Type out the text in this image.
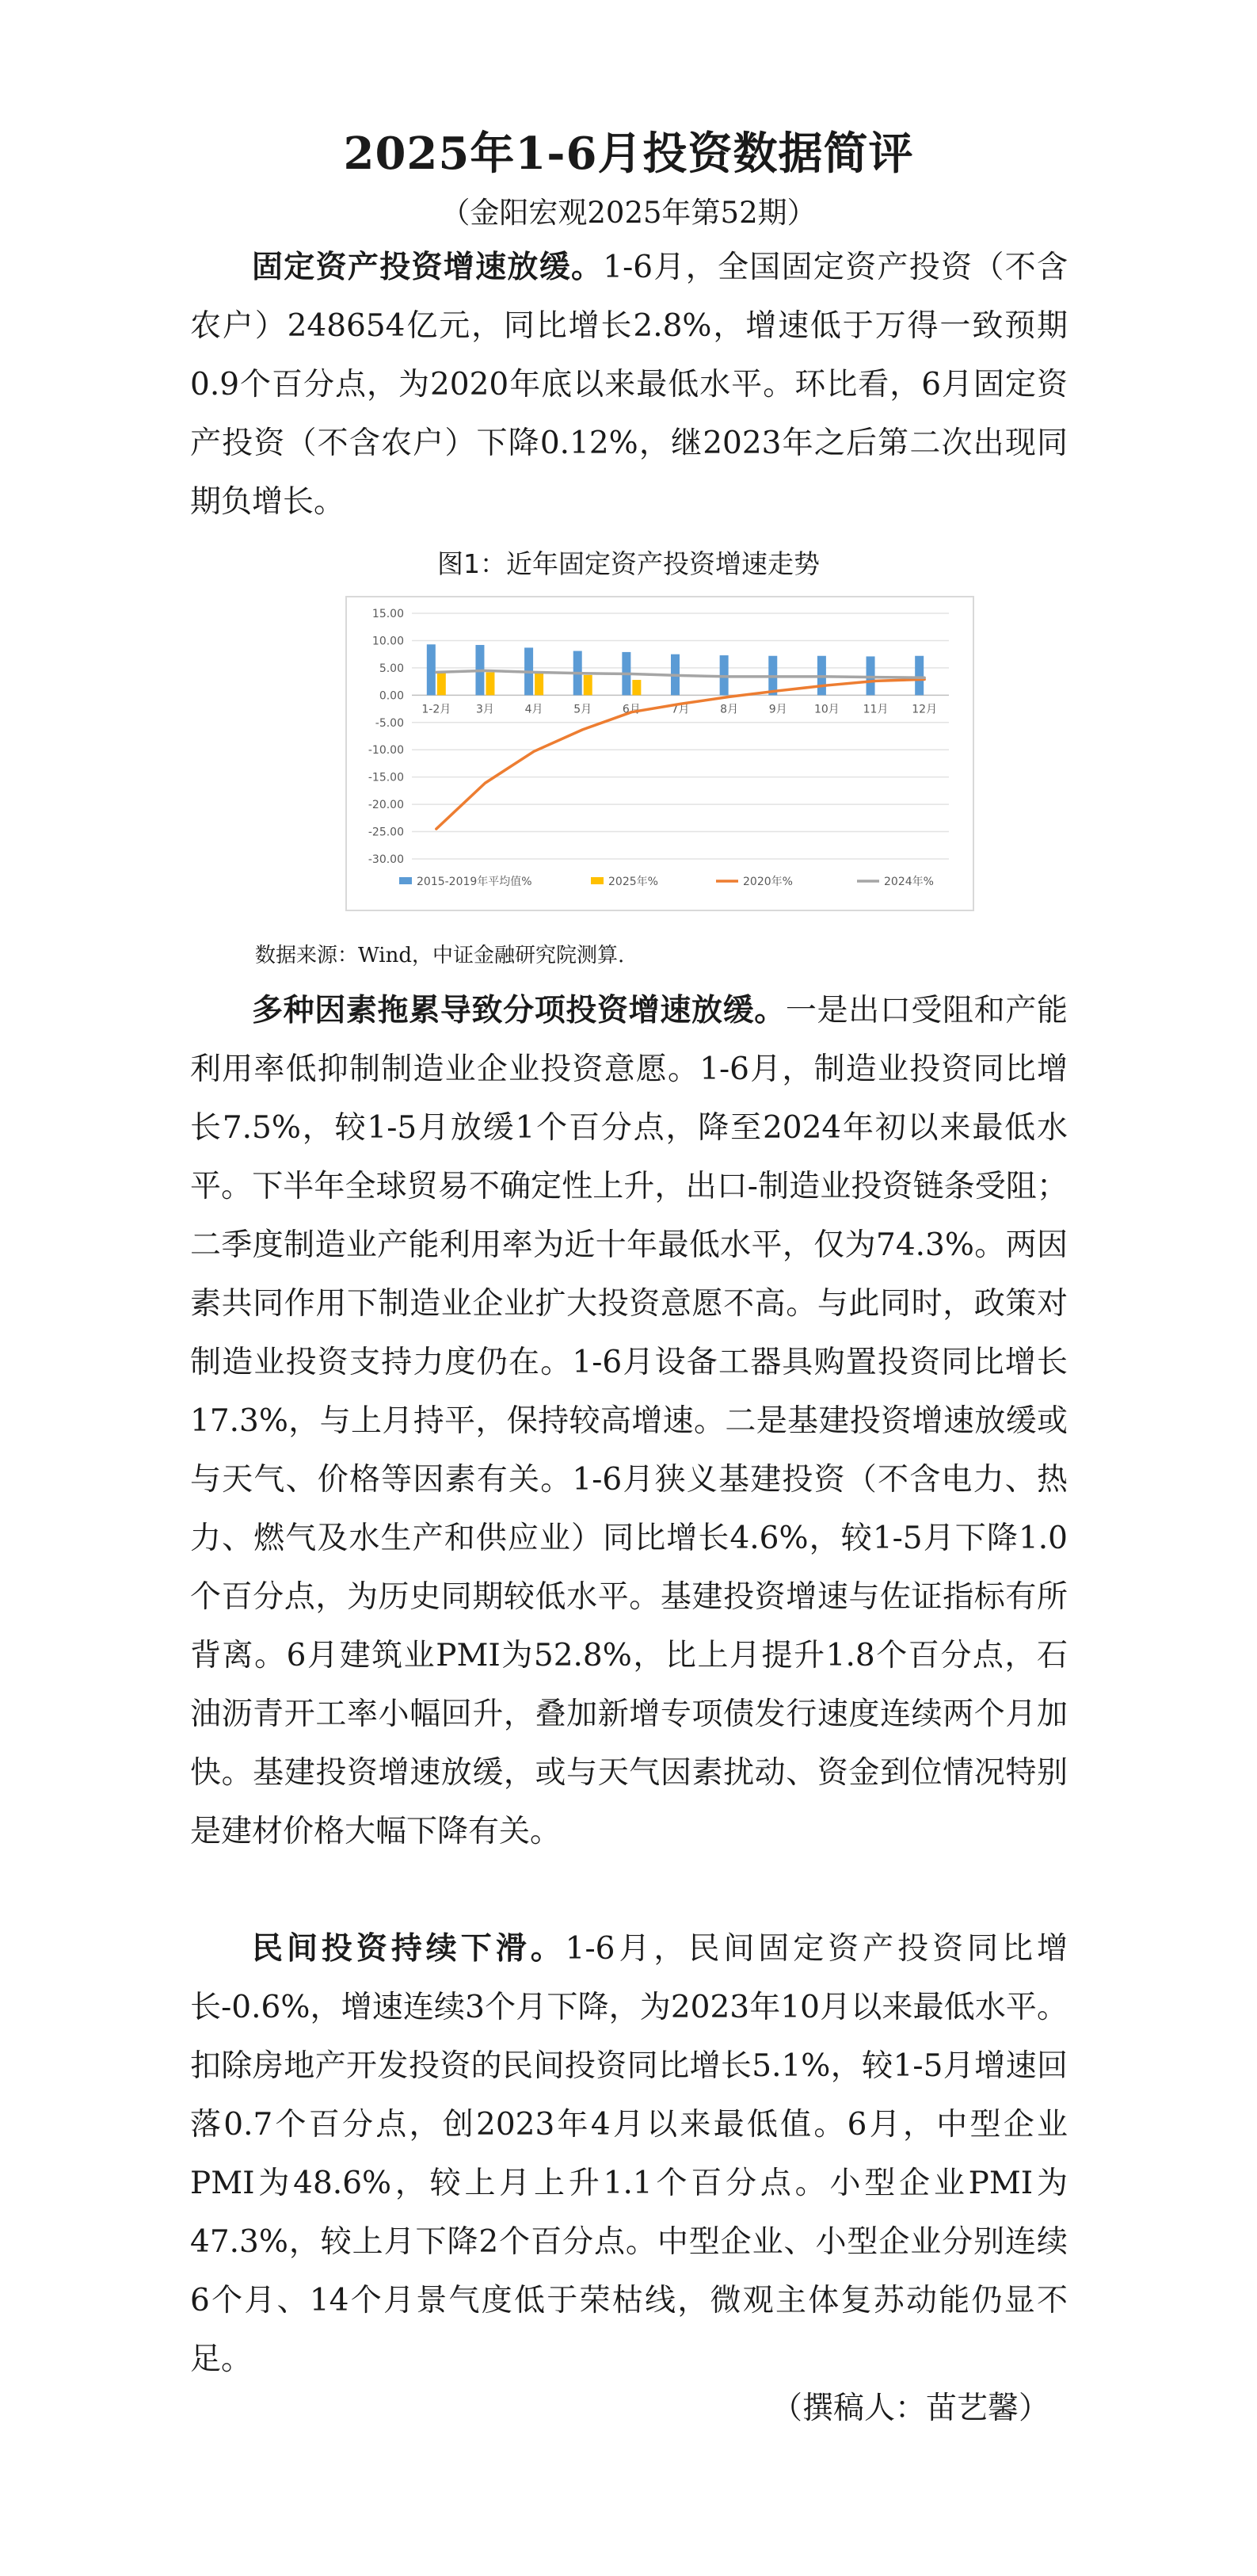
2025年1-6月投资数据简评
（金阳宏观2025年第52期）

固定资产投资增速放缓。1-6月，全国固定资产投资（不含农户）248654亿元，同比增长2.8%，增速低于万得一致预期0.9个百分点，为2020年底以来最低水平。环比看，6月固定资产投资（不含农户）下降0.12%，继2023年之后第二次出现同期负增长。

图1：近年固定资产投资增速走势
15.00
10.00
5.00
0.00
-5.00
-10.00
-15.00
-20.00
-25.00
-30.00
1-2月 3月	4月	5月	6月	7月	8月	9月 10月 11月 12月
2015-2019年平均值%	2025年%	2020年%	2024年%
数据来源：Wind，中证金融研究院测算.

多种因素拖累导致分项投资增速放缓。一是出口受阻和产能利用率低抑制制造业企业投资意愿。1-6月，制造业投资同比增长7.5%，较1-5月放缓1个百分点，降至2024年初以来最低水平。下半年全球贸易不确定性上升，出口-制造业投资链条受阻；二季度制造业产能利用率为近十年最低水平，仅为74.3%。两因素共同作用下制造业企业扩大投资意愿不高。与此同时，政策对制造业投资支持力度仍在。1-6月设备工器具购置投资同比增长17.3%，与上月持平，保持较高增速。二是基建投资增速放缓或与天气、价格等因素有关。1-6月狭义基建投资（不含电力、热力、燃气及水生产和供应业）同比增长4.6%，较1-5月下降1.0个百分点，为历史同期较低水平。基建投资增速与佐证指标有所背离。6月建筑业PMI为52.8%，比上月提升1.8个百分点，石油沥青开工率小幅回升，叠加新增专项债发行速度连续两个月加快。基建投资增速放缓，或与天气因素扰动、资金到位情况特别是建材价格大幅下降有关。

民间投资持续下滑。1-6月，民间固定资产投资同比增长-0.6%，增速连续3个月下降，为2023年10月以来最低水平。扣除房地产开发投资的民间投资同比增长5.1%，较1-5月增速回落0.7个百分点，创2023年4月以来最低值。6月，中型企业PMI为48.6%，较上月上升1.1个百分点。小型企业PMI为47.3%，较上月下降2个百分点。中型企业、小型企业分别连续6个月、14个月景气度低于荣枯线，微观主体复苏动能仍显不足。

（撰稿人：苗艺馨）
